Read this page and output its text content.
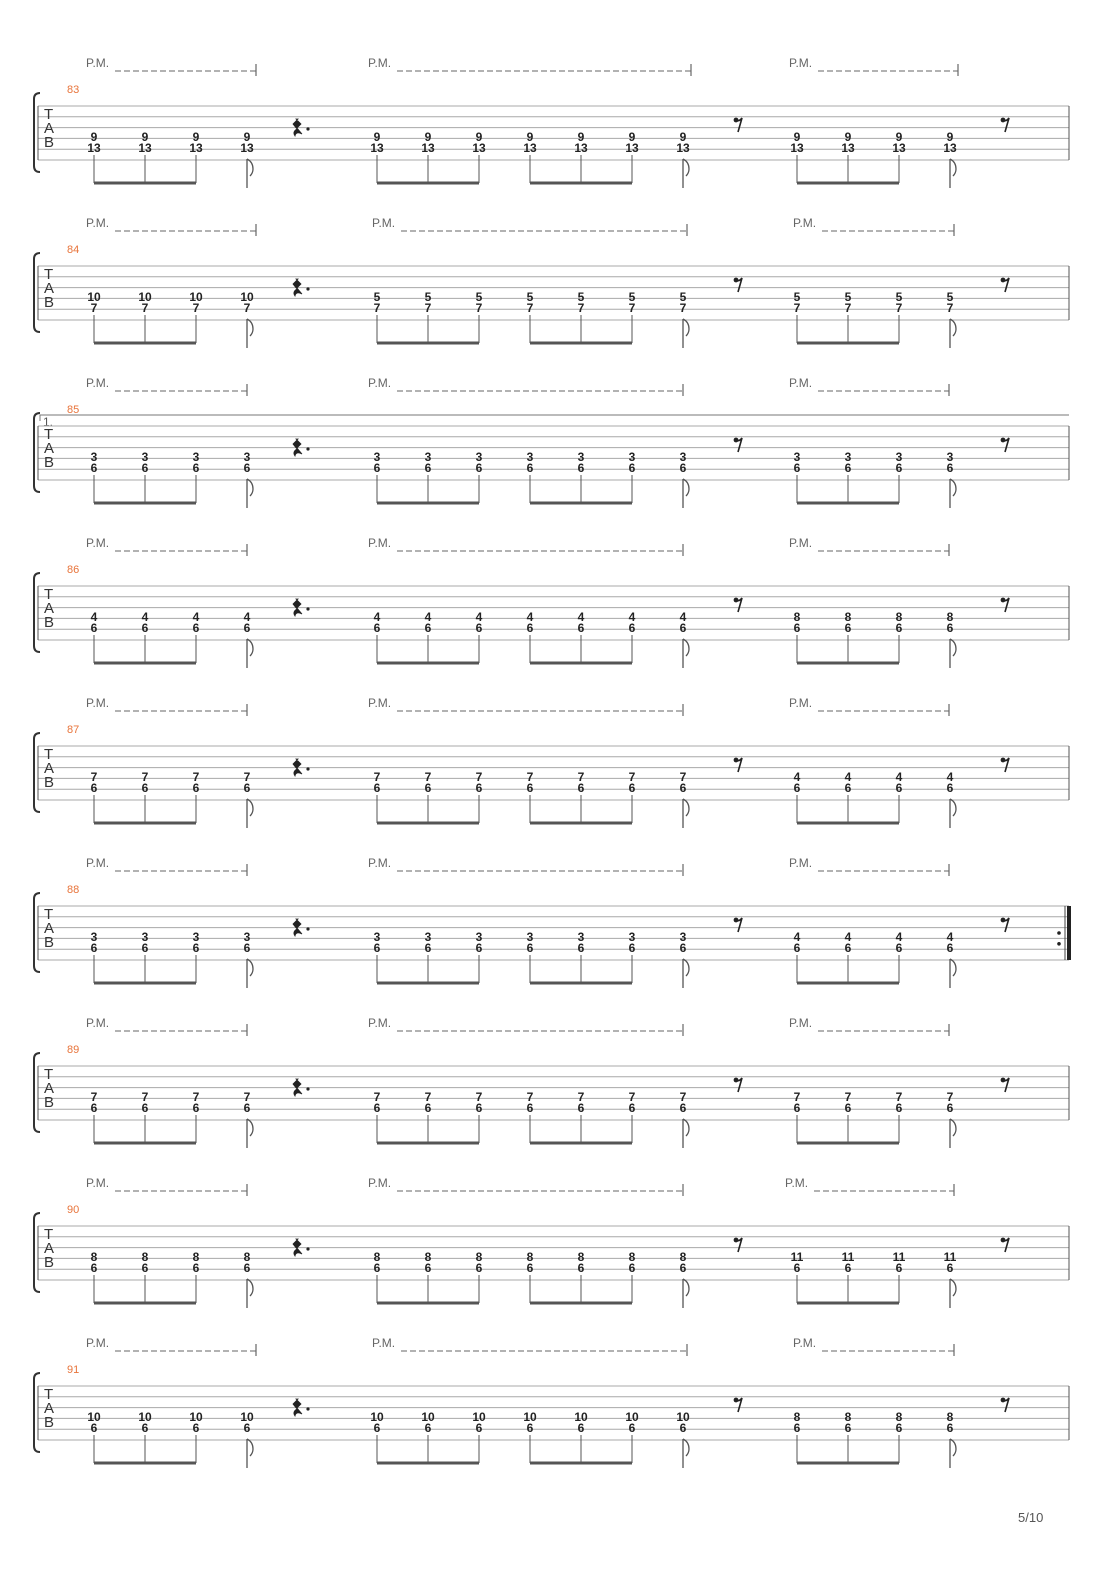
P.M.	P.M.	P.M.
83
T
A
B	9
13
9
13
9
13
9
13
9
13
9
13
9
13
9
13
9
13
9
13
9
13
9
13
9
13
9
13
9
13
P.M.	P.M.	P.M.
84
T
A
B	10
7
10
7
10
7
10
7
5
7
5
7
5
7
5
7
5
7
5
7
5
7
5
7
5
7
5
7
5
7
1.
P.M.	P.M.	P.M.
85
T
A
B	3
6
3
6
3
6
3
6
3
6
3
6
3
6
3
6
3
6
3
6
3
6
3
6
3
6
3
6
3
6
P.M.	P.M.	P.M.
86
T
A
B	4
6
4
6
4
6
4
6
4
6
4
6
4
6
4
6
4
6
4
6
4
6
8
6
8
6
8
6
8
6
P.M.	P.M.	P.M.
87
T
A
B	7
6
7
6
7
6
7
6
7
6
7
6
7
6
7
6
7
6
7
6
7
6
4
6
4
6
4
6
4
6
P.M.	P.M.	P.M.
88
T
A
B	3
6
3
6
3
6
3
6
3
6
3
6
3
6
3
6
3
6
3
6
3
6
4
6
4
6
4
6
4
6
P.M.	P.M.	P.M.
89
T
A
B	7
6
7
6
7
6
7
6
7
6
7
6
7
6
7
6
7
6
7
6
7
6
7
6
7
6
7
6
7
6
P.M.	P.M.	P.M.
90
T
A
B	8
6
8
6
8
6
8
6
8
6
8
6
8
6
8
6
8
6
8
6
8
6
11
6
11
6
11
6
11
6
P.M.	P.M.	P.M.
91
T
A
B	10
6
10
6
10
6
10
6
10
6
10
6
10
6
10
6
10
6
10
6
10
6
8
6
8
6
8
6
8
6
5/10
